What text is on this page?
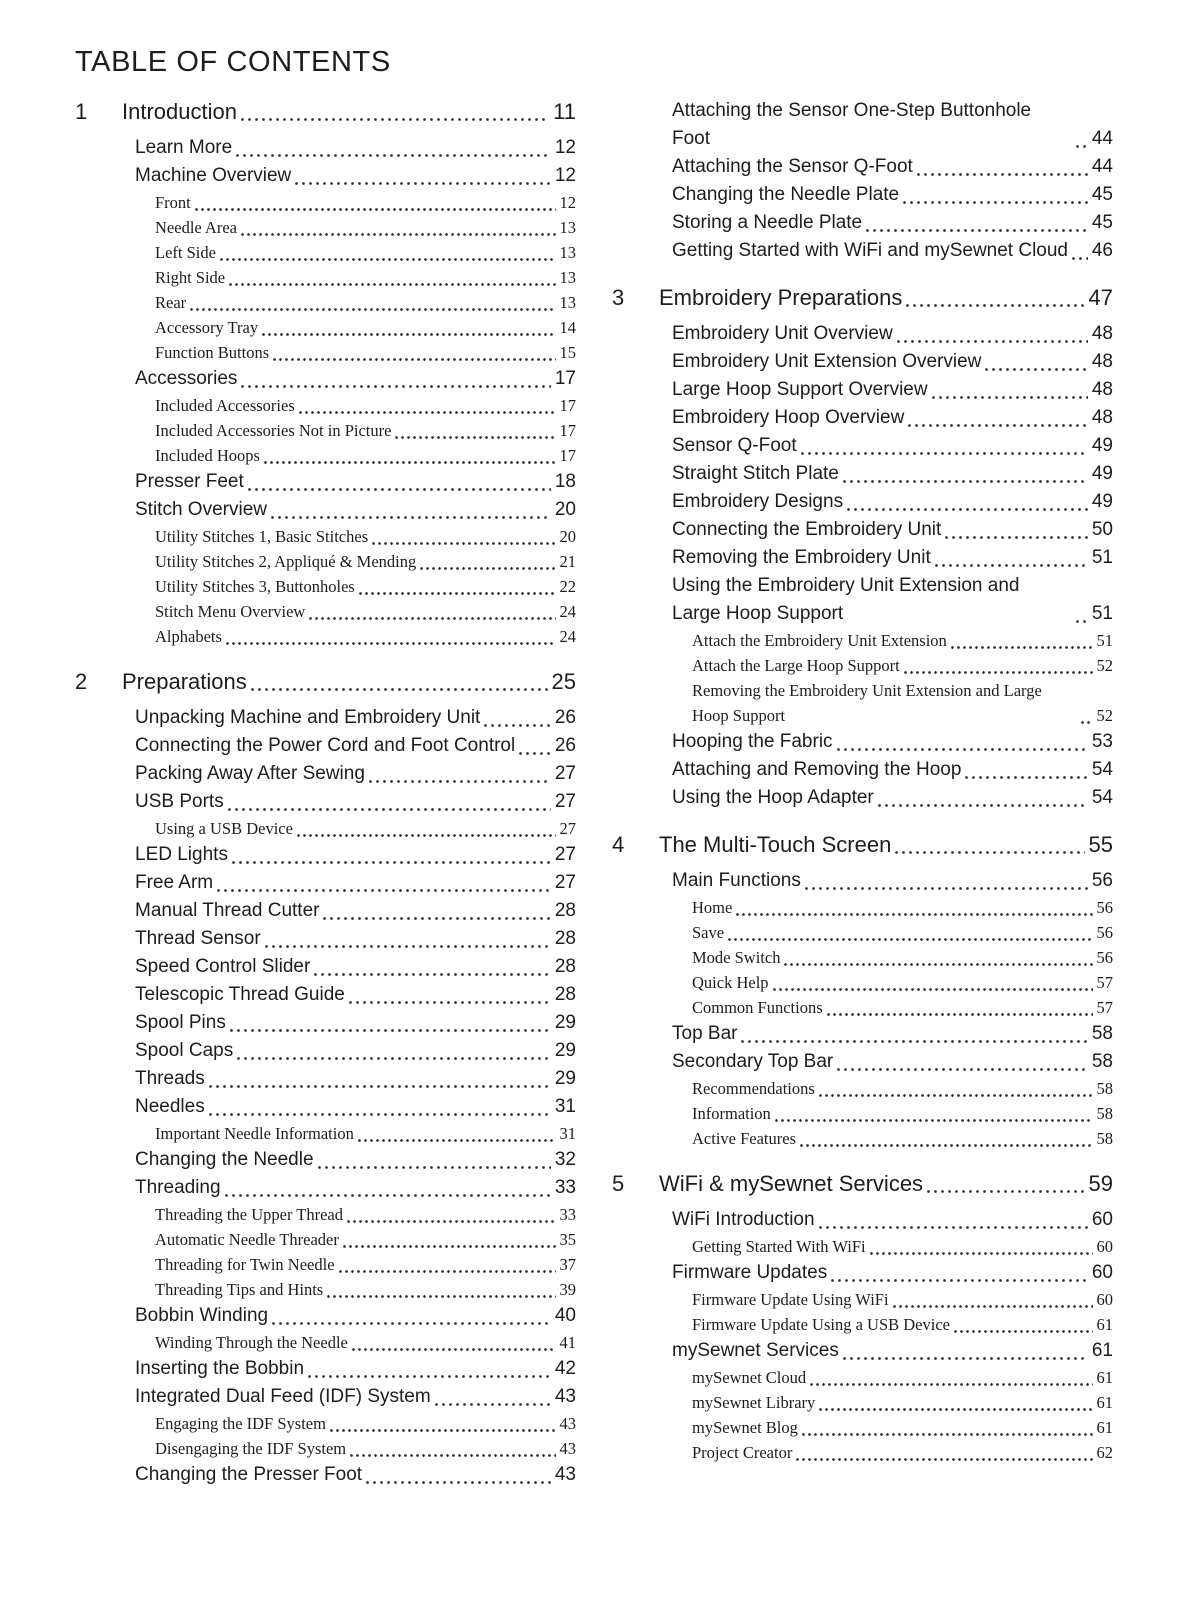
TABLE OF CONTENTS
1	Introduction	11
Learn More	12
Machine Overview	12
Front	12
Needle Area	13
Left Side	13
Right Side	13
Rear	13
Accessory Tray	14
Function Buttons	15
Accessories	17
Included Accessories	17
Included Accessories Not in Picture	17
Included Hoops	17
Presser Feet	18
Stitch Overview	20
Utility Stitches 1, Basic Stitches	20
Utility Stitches 2, Appliqué & Mending	21
Utility Stitches 3, Buttonholes	22
Stitch Menu Overview	24
Alphabets	24
2	Preparations	25
Unpacking Machine and Embroidery Unit	26
Connecting the Power Cord and Foot Control 26
Packing Away After Sewing	27
USB Ports	27
Using a USB Device	27
LED Lights	27
Free Arm	27
Manual Thread Cutter	28
Thread Sensor	28
Speed Control Slider	28
Telescopic Thread Guide	28
Spool Pins	29
Spool Caps	29
Threads	29
Needles	31
Important Needle Information	31
Changing the Needle	32
Threading	33
Threading the Upper Thread	33
Automatic Needle Threader	35
Threading for Twin Needle	37
Threading Tips and Hints	39
Bobbin Winding	40
Winding Through the Needle	41
Inserting the Bobbin	42
Integrated Dual Feed (IDF) System	43
Engaging the IDF System	43
Disengaging the IDF System	43
Changing the Presser Foot	43
Attaching the Sensor One-Step Buttonhole Foot	44
Attaching the Sensor Q-Foot	44
Changing the Needle Plate	45
Storing a Needle Plate	45
Getting Started with WiFi and mySewnet Cloud 46
3	Embroidery Preparations	47
Embroidery Unit Overview	48
Embroidery Unit Extension Overview	48
Large Hoop Support Overview	48
Embroidery Hoop Overview	48
Sensor Q-Foot	49
Straight Stitch Plate	49
Embroidery Designs	49
Connecting the Embroidery Unit	50
Removing the Embroidery Unit	51
Using the Embroidery Unit Extension and Large Hoop Support	51
Attach the Embroidery Unit Extension	51
Attach the Large Hoop Support	52
Removing the Embroidery Unit Extension and Large Hoop Support	52
Hooping the Fabric	53
Attaching and Removing the Hoop	54
Using the Hoop Adapter	54
4	The Multi-Touch Screen	55
Main Functions	56
Home	56
Save	56
Mode Switch	56
Quick Help	57
Common Functions	57
Top Bar	58
Secondary Top Bar	58
Recommendations	58
Information	58
Active Features	58
5	WiFi & mySewnet Services	59
WiFi Introduction	60
Getting Started With WiFi	60
Firmware Updates	60
Firmware Update Using WiFi	60
Firmware Update Using a USB Device	61
mySewnet Services	61
mySewnet Cloud	61
mySewnet Library	61
mySewnet Blog	61
Project Creator	62
